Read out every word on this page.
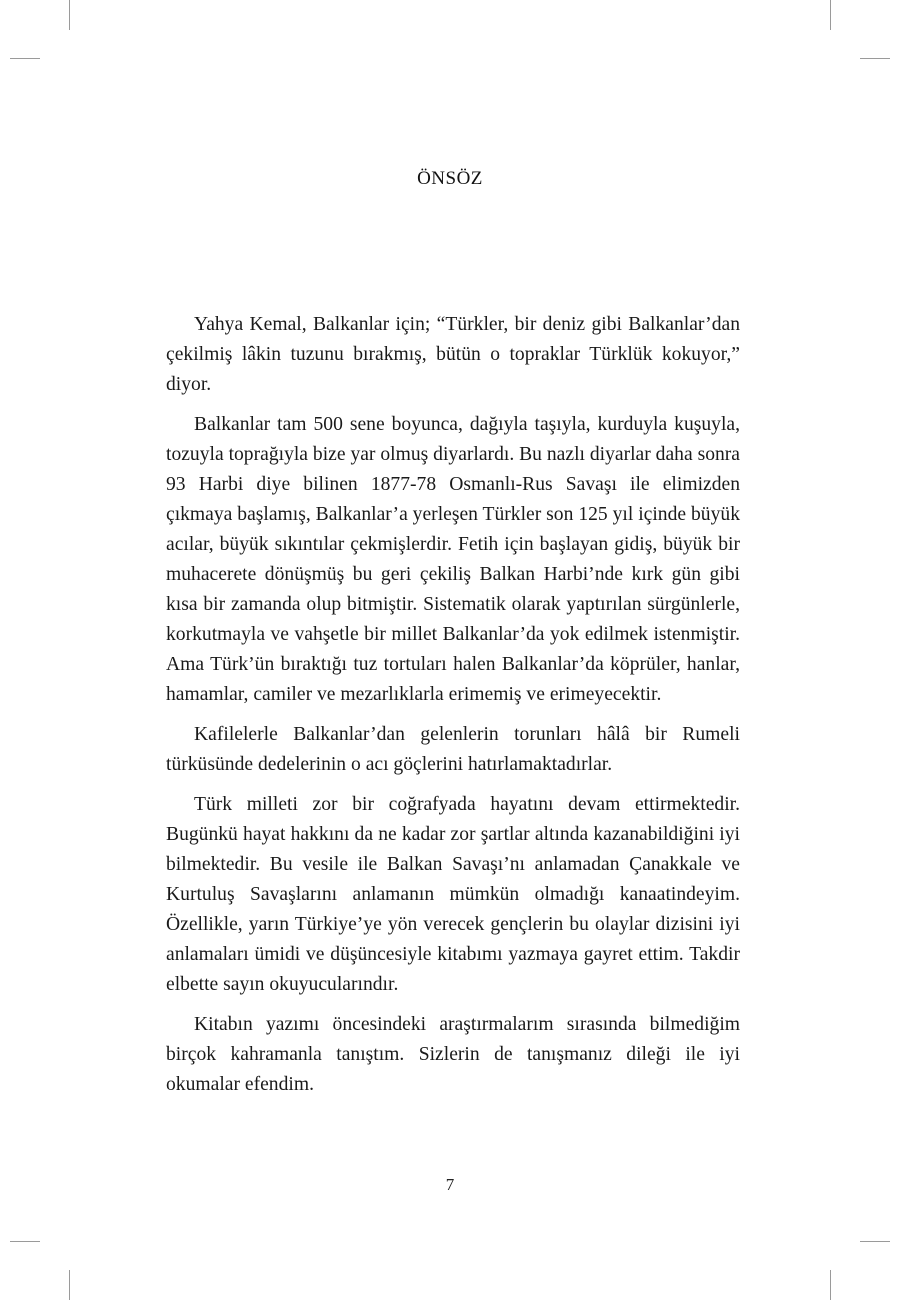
ÖNSÖZ

Yahya Kemal, Balkanlar için; “Türkler, bir deniz gibi Balkanlar’dan çekilmiş lâkin tuzunu bırakmış, bütün o topraklar Türklük kokuyor,” diyor.

Balkanlar tam 500 sene boyunca, dağıyla taşıyla, kurduyla kuşuyla, tozuyla toprağıyla bize yar olmuş diyarlardı. Bu nazlı diyarlar daha sonra 93 Harbi diye bilinen 1877-78 Osmanlı-Rus Savaşı ile elimizden çıkmaya başlamış, Balkanlar’a yerleşen Türkler son 125 yıl içinde büyük acılar, büyük sıkıntılar çekmişlerdir. Fetih için başlayan gidiş, büyük bir muhacerete dönüşmüş bu geri çekiliş Balkan Harbi’nde kırk gün gibi kısa bir zamanda olup bitmiştir. Sistematik olarak yaptırılan sürgünlerle, korkutmayla ve vahşetle bir millet Balkanlar’da yok edilmek istenmiştir. Ama Türk’ün bıraktığı tuz tortuları halen Balkanlar’da köprüler, hanlar, hamamlar, camiler ve mezarlıklarla erimemiş ve erimeyecektir.

Kafilelerle Balkanlar’dan gelenlerin torunları hâlâ bir Rumeli türküsünde dedelerinin o acı göçlerini hatırlamaktadırlar.

Türk milleti zor bir coğrafyada hayatını devam ettirmektedir. Bugünkü hayat hakkını da ne kadar zor şartlar altında kazanabildiğini iyi bilmektedir. Bu vesile ile Balkan Savaşı’nı anlamadan Çanakkale ve Kurtuluş Savaşlarını anlamanın mümkün olmadığı kanaatindeyim. Özellikle, yarın Türkiye’ye yön verecek gençlerin bu olaylar dizisini iyi anlamaları ümidi ve düşüncesiyle kitabımı yazmaya gayret ettim. Takdir elbette sayın okuyucularındır.

Kitabın yazımı öncesindeki araştırmalarım sırasında bilmediğim birçok kahramanla tanıştım. Sizlerin de tanışmanız dileği ile iyi okumalar efendim.

7
